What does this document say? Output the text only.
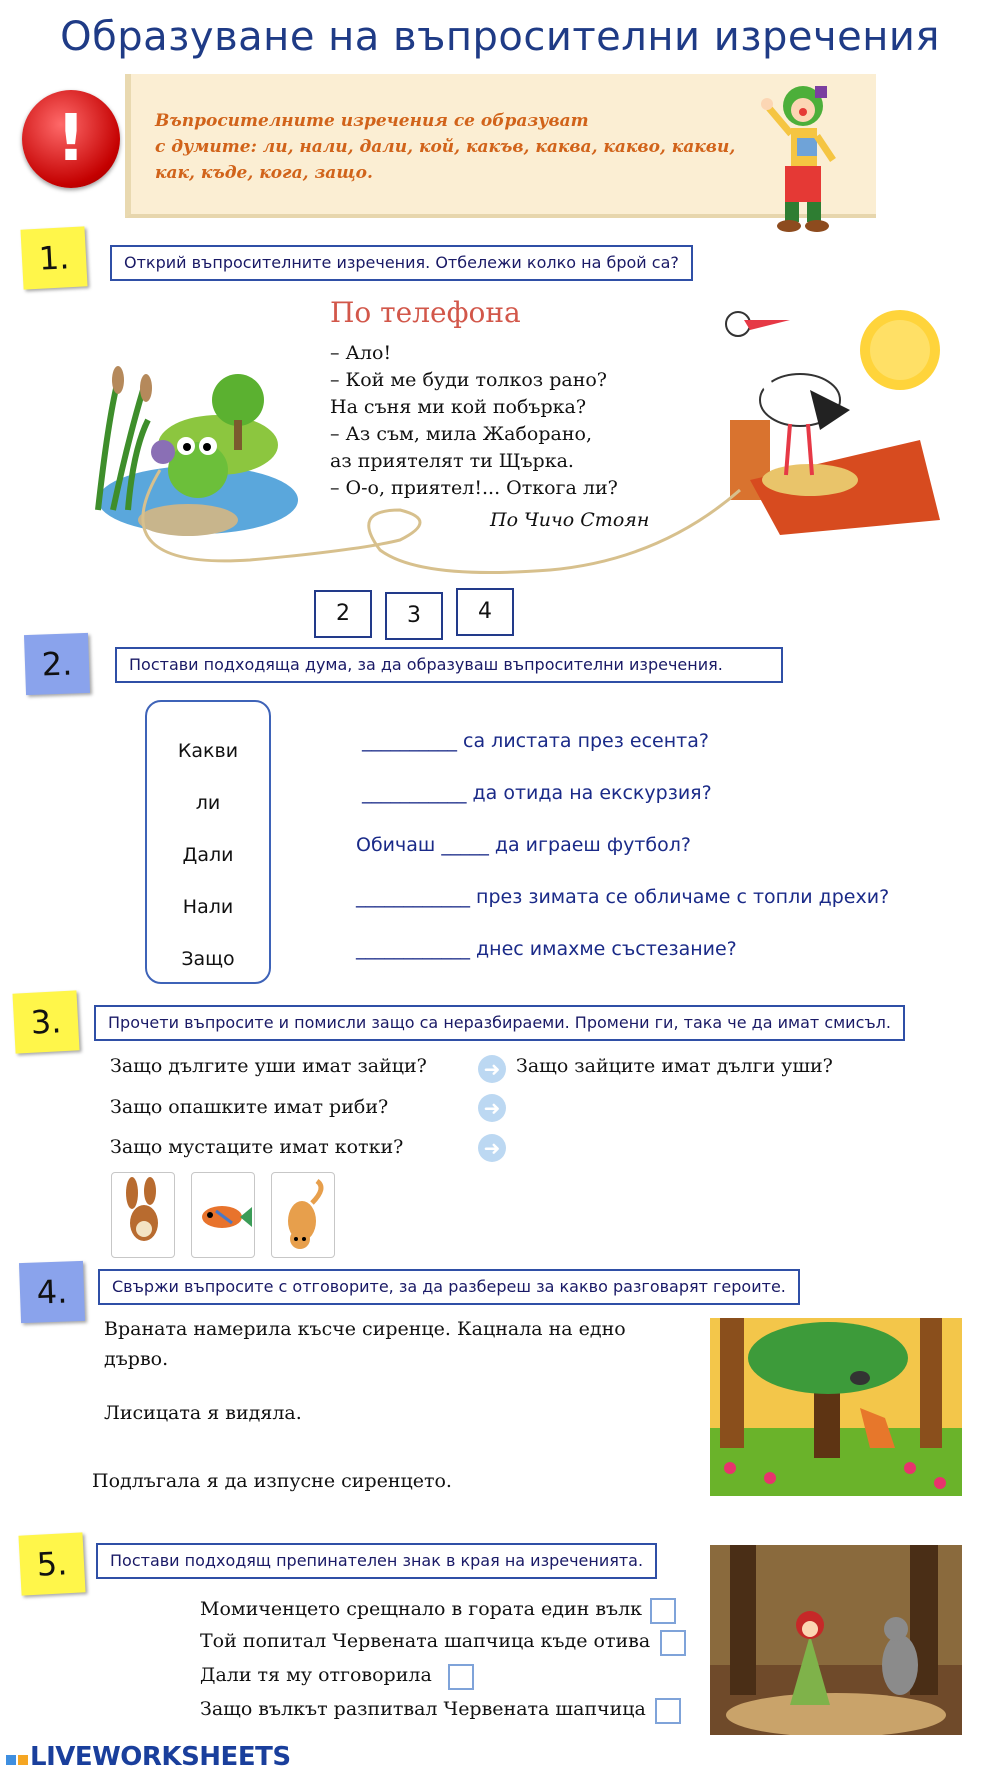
Образуване на въпросителни изречения
!	Въпросителните изречения се образуват
с думите: ли, нали, дали, кой, какъв, каква, какво, какви,
как, къде, кога, защо.
1.	Открий въпросителните изречения. Отбележи колко на брой са?
По телефона
– Ало!
– Кой ме буди толкоз рано?
На съня ми кой побърка?
– Аз съм, мила Жаборано,
аз приятелят ти Щърка.
– О-о, приятел!... Откога ли?
По Чичо Стоян
2	3	4
2.	Постави подходяща дума, за да образуваш въпросителни изречения.
Какви
ли
Дали
Нали
Защо
__________ са листата през есента?
___________ да отида на екскурзия?
Обичаш _____ да играеш футбол?
____________ през зимата се обличаме с топли дрехи?
____________ днес имахме състезание?
3.	Прочети въпросите и помисли защо са неразбираеми. Промени ги, така че да имат смисъл.
Защо дългите уши имат зайци?	➜ Защо зайците имат дълги уши?
Защо опашките имат риби?	➜
Защо мустаците имат котки?	➜
4.	Свържи въпросите с отговорите, за да разбереш за какво разговарят героите.
Враната намерила късче сиренце. Кацнала на едно
дърво.
Лисицата я видяла.
Подлъгала я да изпусне сиренцето.
5.	Постави подходящ препинателен знак в края на изреченията.
Момиченцето срещнало в гората един вълк
Той попитал Червената шапчица къде отива
Дали тя му отговорила
Защо вълкът разпитвал Червената шапчица
LIVEWORKSHEETS
